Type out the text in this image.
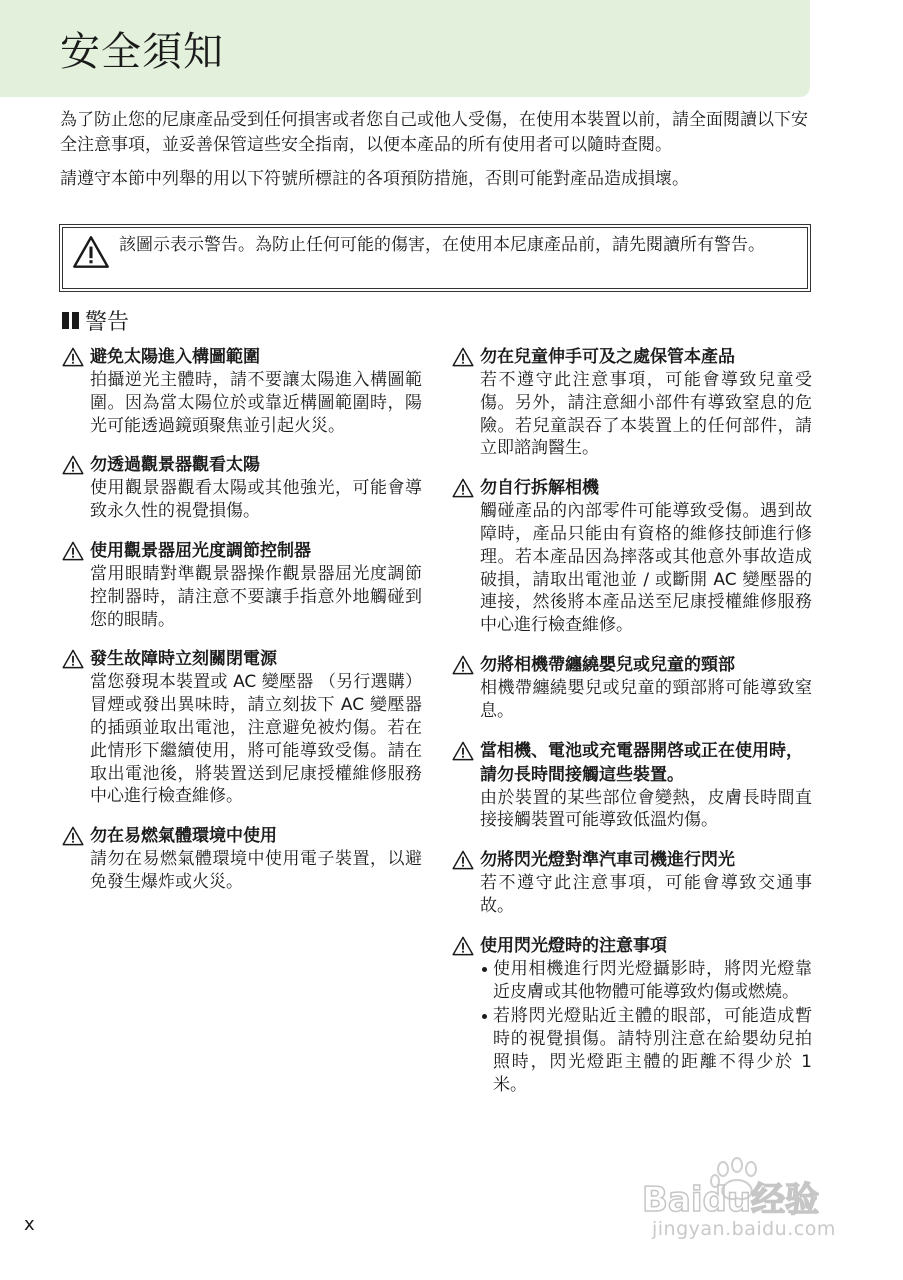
安全須知

為了防止您的尼康產品受到任何損害或者您自己或他人受傷，在使用本裝置以前，請全面閱讀以下安全注意事項，並妥善保管這些安全指南，以便本產品的所有使用者可以隨時查閱。

請遵守本節中列舉的用以下符號所標註的各項預防措施，否則可能對產品造成損壞。

該圖示表示警告。為防止任何可能的傷害，在使用本尼康產品前，請先閱讀所有警告。
警告
避免太陽進入構圖範圍
拍攝逆光主體時，請不要讓太陽進入構圖範圍。因為當太陽位於或靠近構圖範圍時，陽光可能透過鏡頭聚焦並引起火災。
勿透過觀景器觀看太陽
使用觀景器觀看太陽或其他強光，可能會導致永久性的視覺損傷。
使用觀景器屈光度調節控制器
當用眼睛對準觀景器操作觀景器屈光度調節控制器時，請注意不要讓手指意外地觸碰到您的眼睛。
發生故障時立刻關閉電源
當您發現本裝置或 AC 變壓器 （另行選購）冒煙或發出異味時，請立刻拔下 AC 變壓器的插頭並取出電池，注意避免被灼傷。若在此情形下繼續使用，將可能導致受傷。請在取出電池後，將裝置送到尼康授權維修服務中心進行檢查維修。
勿在易燃氣體環境中使用
請勿在易燃氣體環境中使用電子裝置，以避免發生爆炸或火災。
勿在兒童伸手可及之處保管本產品
若不遵守此注意事項，可能會導致兒童受傷。另外，請注意細小部件有導致窒息的危險。若兒童誤吞了本裝置上的任何部件，請立即諮詢醫生。
勿自行拆解相機
觸碰產品的內部零件可能導致受傷。遇到故障時，產品只能由有資格的維修技師進行修理。若本產品因為摔落或其他意外事故造成破損，請取出電池並 / 或斷開 AC 變壓器的連接，然後將本產品送至尼康授權維修服務中心進行檢查維修。
勿將相機帶纏繞嬰兒或兒童的頸部
相機帶纏繞嬰兒或兒童的頸部將可能導致窒息。
當相機、電池或充電器開啓或正在使用時，請勿長時間接觸這些裝置。
由於裝置的某些部位會變熱，皮膚長時間直接接觸裝置可能導致低溫灼傷。
勿將閃光燈對準汽車司機進行閃光
若不遵守此注意事項，可能會導致交通事故。
使用閃光燈時的注意事項
使用相機進行閃光燈攝影時，將閃光燈靠近皮膚或其他物體可能導致灼傷或燃燒。
若將閃光燈貼近主體的眼部，可能造成暫時的視覺損傷。請特別注意在給嬰幼兒拍照時，閃光燈距主體的距離不得少於 1 米。
x
Baidu经验
jingyan.baidu.com
